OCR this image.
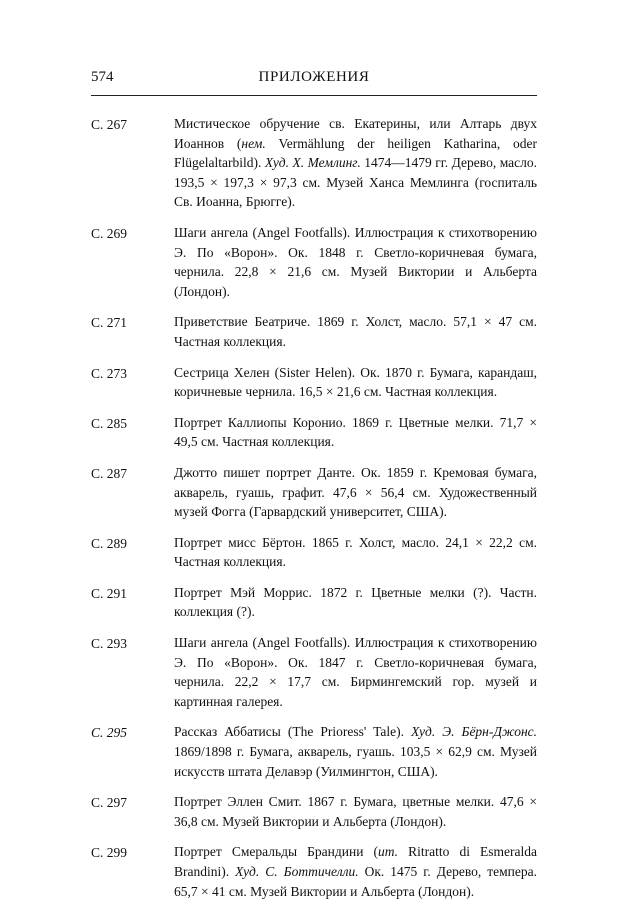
574	ПРИЛОЖЕНИЯ
С. 267	Мистическое обручение св. Екатерины, или Алтарь двух Иоаннов (нем. Vermählung der heiligen Katharina, oder Flügelaltarbild). Худ. Х. Мемлинг. 1474—1479 гг. Дерево, масло. 193,5 × 197,3 × 97,3 см. Музей Ханса Мемлинга (госпиталь Св. Иоанна, Брюгге).
С. 269	Шаги ангела (Angel Footfalls). Иллюстрация к стихотворению Э. По «Ворон». Ок. 1848 г. Светло-коричневая бумага, чернила. 22,8 × 21,6 см. Музей Виктории и Альберта (Лондон).
С. 271	Приветствие Беатриче. 1869 г. Холст, масло. 57,1 × 47 см. Частная коллекция.
С. 273	Сестрица Хелен (Sister Helen). Ок. 1870 г. Бумага, карандаш, коричневые чернила. 16,5 × 21,6 см. Частная коллекция.
С. 285	Портрет Каллиопы Коронио. 1869 г. Цветные мелки. 71,7 × 49,5 см. Частная коллекция.
С. 287	Джотто пишет портрет Данте. Ок. 1859 г. Кремовая бумага, акварель, гуашь, графит. 47,6 × 56,4 см. Художественный музей Фогга (Гарвардский университет, США).
С. 289	Портрет мисс Бёртон. 1865 г. Холст, масло. 24,1 × 22,2 см. Частная коллекция.
С. 291	Портрет Мэй Моррис. 1872 г. Цветные мелки (?). Частн. коллекция (?).
С. 293	Шаги ангела (Angel Footfalls). Иллюстрация к стихотворению Э. По «Ворон». Ок. 1847 г. Светло-коричневая бумага, чернила. 22,2 × 17,7 см. Бирмингемский гор. музей и картинная галерея.
С. 295	Рассказ Аббатисы (The Prioress' Tale). Худ. Э. Бёрн-Джонс. 1869/1898 г. Бумага, акварель, гуашь. 103,5 × 62,9 см. Музей искусств штата Делавэр (Уилмингтон, США).
С. 297	Портрет Эллен Смит. 1867 г. Бумага, цветные мелки. 47,6 × 36,8 см. Музей Виктории и Альберта (Лондон).
С. 299	Портрет Смеральды Брандини (ит. Ritratto di Esmeralda Brandini). Худ. С. Боттичелли. Ок. 1475 г. Дерево, темпера. 65,7 × 41 см. Музей Виктории и Альберта (Лондон).
